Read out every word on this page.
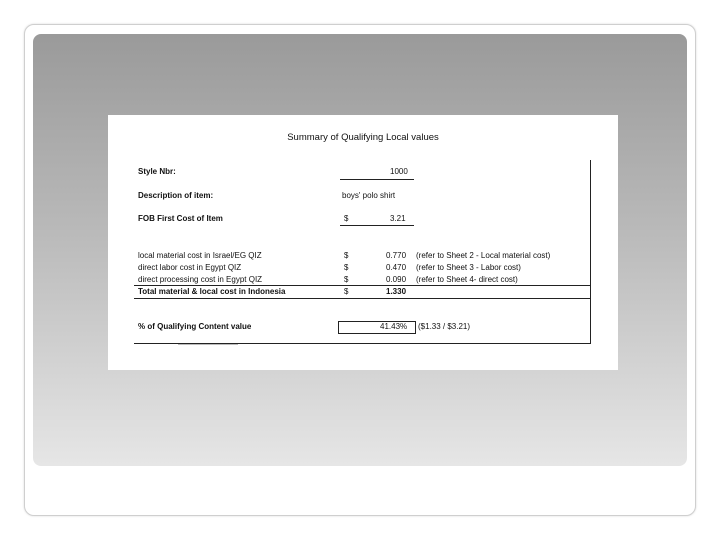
Summary of Qualifying Local values
Style Nbr:	1000
Description of item:	boys' polo shirt
FOB First Cost of Item	$	3.21
local material cost in Israel/EG QIZ	$	0.770 (refer to Sheet 2 - Local material cost)
direct labor cost in Egypt QIZ	$	0.470 (refer to Sheet 3 - Labor cost)
direct processing cost in Egypt QIZ	$	0.090 (refer to Sheet 4- direct cost)
Total material & local cost in Indonesia	$	1.330
% of Qualifying Content value	41.43% ($1.33 / $3.21)
